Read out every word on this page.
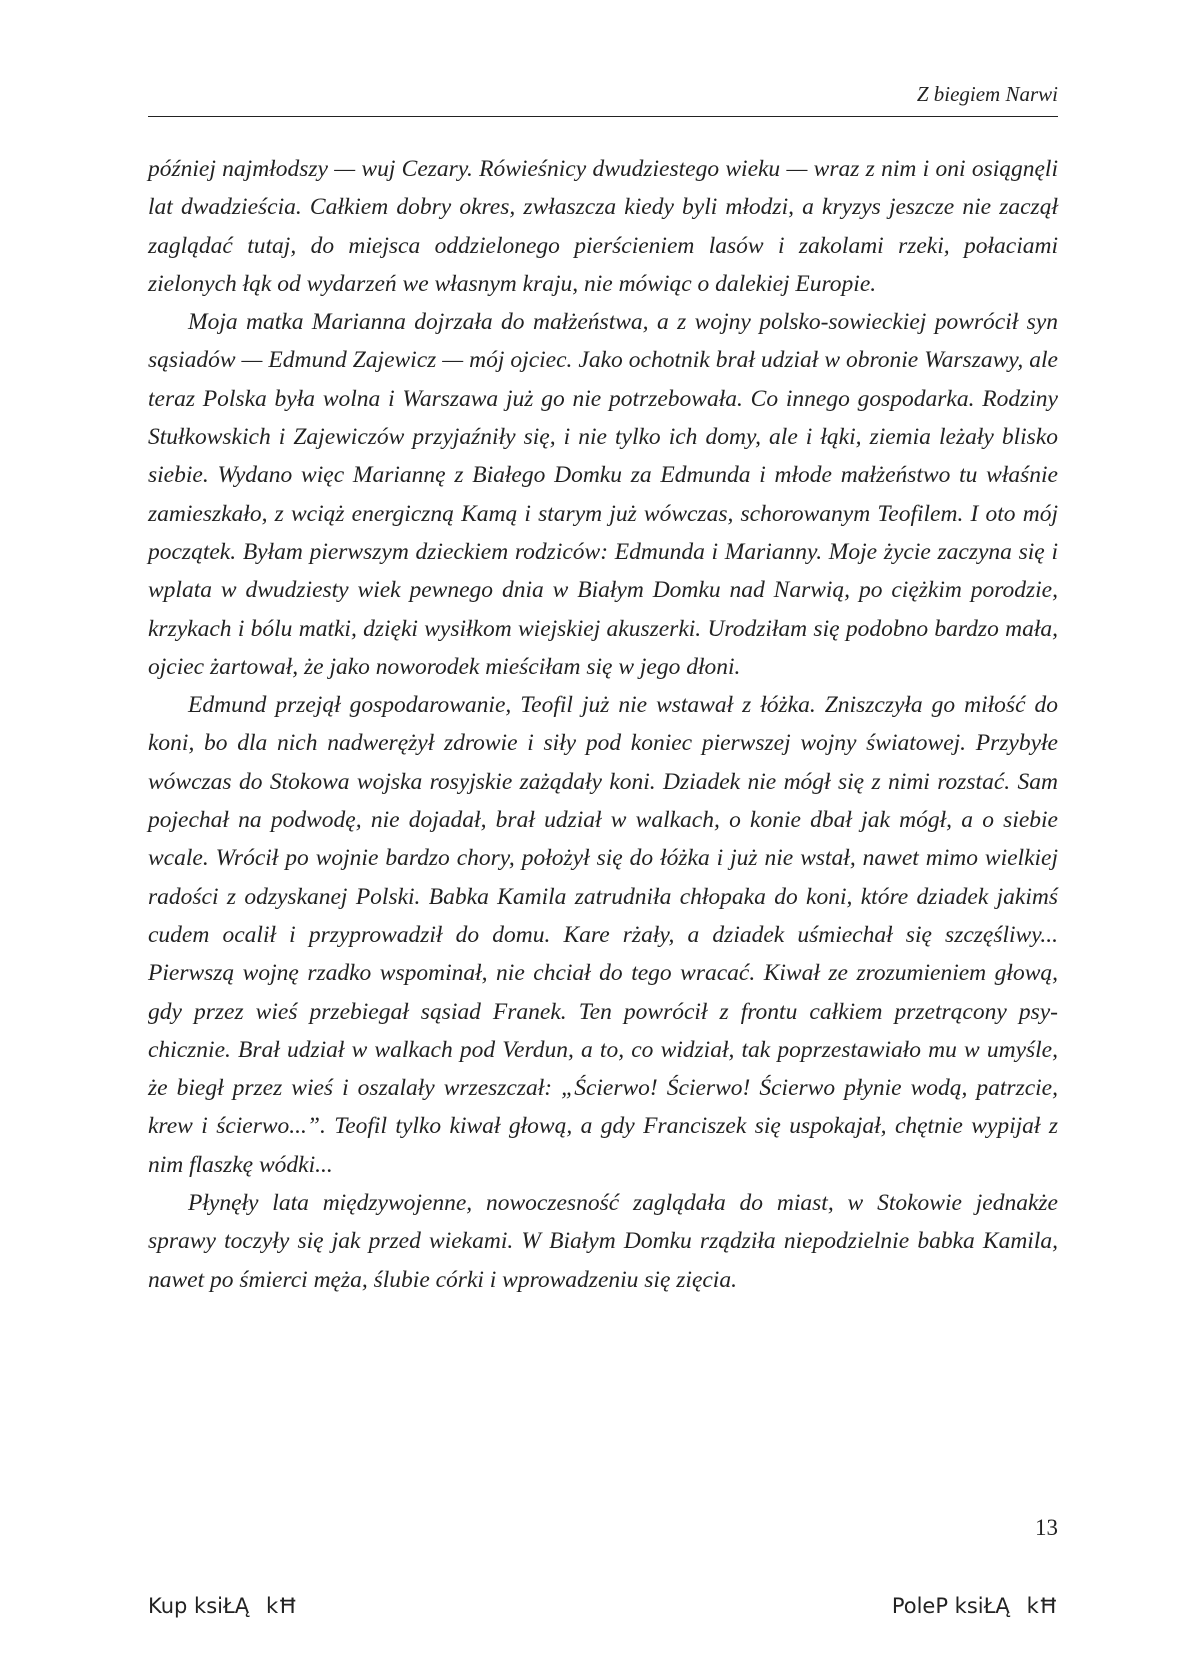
Z biegiem Narwi

później najmłodszy — wuj Cezary. Rówieśnicy dwudziestego wieku — wraz z nim i oni osiągnęli lat dwadzieścia. Całkiem dobry okres, zwłaszcza kiedy byli młodzi, a kryzys jeszcze nie zaczął zaglądać tutaj, do miejsca oddzielonego pierścieniem lasów i zakolami rzeki, połaciami zielonych łąk od wydarzeń we własnym kraju, nie mówiąc o dalekiej Europie.

Moja matka Marianna dojrzała do małżeństwa, a z wojny polsko-sowieckiej powrócił syn sąsiadów — Edmund Zajewicz — mój ojciec. Jako ochotnik brał udział w obronie Warszawy, ale teraz Polska była wolna i Warszawa już go nie potrzebowała. Co innego gospodarka. Rodziny Stułkowskich i Zajewiczów przyjaźniły się, i nie tylko ich domy, ale i łąki, ziemia leżały blisko siebie. Wydano więc Mariannę z Białego Domku za Edmunda i młode małżeństwo tu właśnie zamieszkało, z wciąż energiczną Kamą i starym już wówczas, schorowanym Teofilem. I oto mój początek. Byłam pierwszym dzieckiem rodziców: Edmunda i Marianny. Moje życie zaczyna się i wplata w dwudziesty wiek pewnego dnia w Białym Domku nad Narwią, po ciężkim porodzie, krzykach i bólu matki, dzięki wysiłkom wiejskiej akuszerki. Urodziłam się podobno bardzo mała, ojciec żartował, że jako noworodek mieściłam się w jego dłoni.

Edmund przejął gospodarowanie, Teofil już nie wstawał z łóżka. Zniszczyła go miłość do koni, bo dla nich nadwerężył zdrowie i siły pod koniec pierwszej wojny światowej. Przybyłe wówczas do Stokowa wojska rosyjskie zażądały koni. Dziadek nie mógł się z nimi rozstać. Sam pojechał na podwodę, nie dojadał, brał udział w walkach, o konie dbał jak mógł, a o siebie wcale. Wrócił po wojnie bardzo chory, położył się do łóżka i już nie wstał, nawet mimo wielkiej radości z odzyskanej Polski. Babka Kamila zatrudniła chłopaka do koni, które dziadek jakimś cudem ocalił i przyprowadził do domu. Kare rżały, a dziadek uśmiechał się szczęśliwy... Pierwszą wojnę rzadko wspominał, nie chciał do tego wracać. Kiwał ze zrozumieniem głową, gdy przez wieś przebiegał sąsiad Franek. Ten powrócił z frontu całkiem przetrącony psychicznie. Brał udział w walkach pod Verdun, a to, co widział, tak poprzestawiało mu w umyśle, że biegł przez wieś i oszalały wrzeszczał: „Ścierwo! Ścierwo! Ścierwo płynie wodą, patrzcie, krew i ścierwo...”. Teofil tylko kiwał głową, a gdy Franciszek się uspokajał, chętnie wypijał z nim flaszkę wódki...

Płynęły lata międzywojenne, nowoczesność zaglądała do miast, w Stokowie jednakże sprawy toczyły się jak przed wiekami. W Białym Domku rządziła niepodzielnie babka Kamila, nawet po śmierci męża, ślubie córki i wprowadzeniu się zięcia.

13
Kup ksiŁĄkĦ	PoleP ksiŁĄkĦ
